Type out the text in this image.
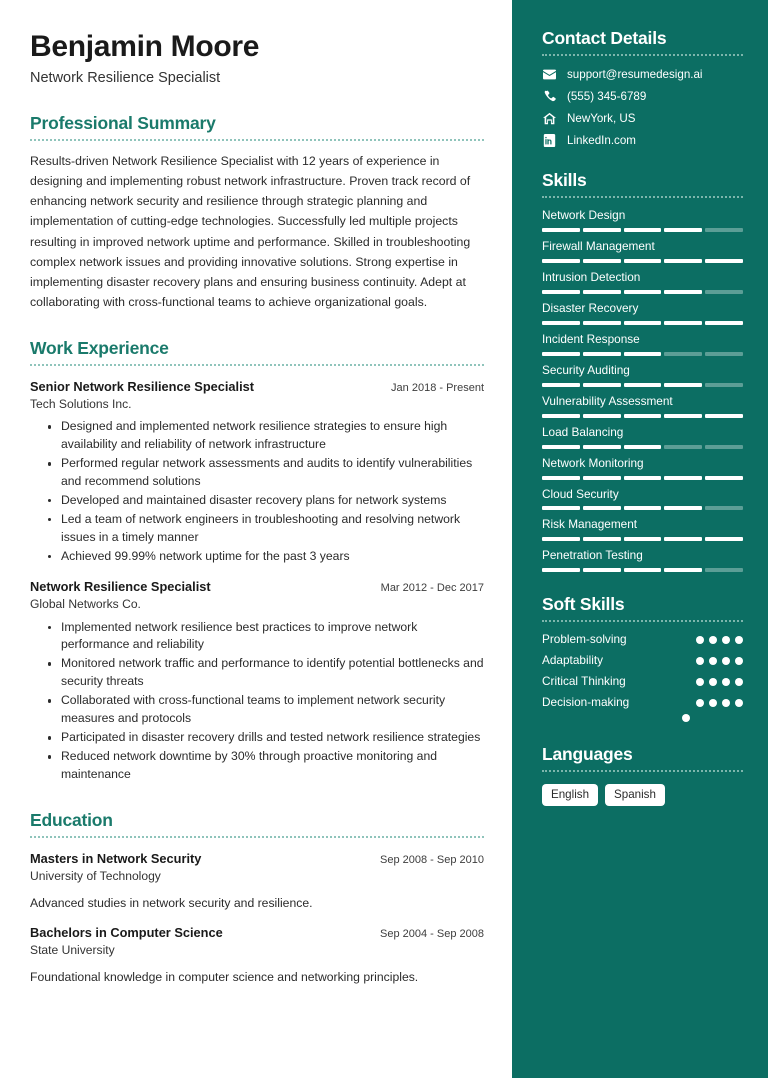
Benjamin Moore
Network Resilience Specialist
Professional Summary
Results-driven Network Resilience Specialist with 12 years of experience in designing and implementing robust network infrastructure. Proven track record of enhancing network security and resilience through strategic planning and implementation of cutting-edge technologies. Successfully led multiple projects resulting in improved network uptime and performance. Skilled in troubleshooting complex network issues and providing innovative solutions. Strong expertise in implementing disaster recovery plans and ensuring business continuity. Adept at collaborating with cross-functional teams to achieve organizational goals.
Work Experience
Senior Network Resilience Specialist	Jan 2018 - Present
Tech Solutions Inc.
Designed and implemented network resilience strategies to ensure high availability and reliability of network infrastructure
Performed regular network assessments and audits to identify vulnerabilities and recommend solutions
Developed and maintained disaster recovery plans for network systems
Led a team of network engineers in troubleshooting and resolving network issues in a timely manner
Achieved 99.99% network uptime for the past 3 years
Network Resilience Specialist	Mar 2012 - Dec 2017
Global Networks Co.
Implemented network resilience best practices to improve network performance and reliability
Monitored network traffic and performance to identify potential bottlenecks and security threats
Collaborated with cross-functional teams to implement network security measures and protocols
Participated in disaster recovery drills and tested network resilience strategies
Reduced network downtime by 30% through proactive monitoring and maintenance
Education
Masters in Network Security	Sep 2008 - Sep 2010
University of Technology
Advanced studies in network security and resilience.
Bachelors in Computer Science	Sep 2004 - Sep 2008
State University
Foundational knowledge in computer science and networking principles.
Contact Details
support@resumedesign.ai
(555) 345-6789
NewYork, US
LinkedIn.com
Skills
Network Design
Firewall Management
Intrusion Detection
Disaster Recovery
Incident Response
Security Auditing
Vulnerability Assessment
Load Balancing
Network Monitoring
Cloud Security
Risk Management
Penetration Testing
Soft Skills
Problem-solving
Adaptability
Critical Thinking
Decision-making
Languages
English	Spanish
